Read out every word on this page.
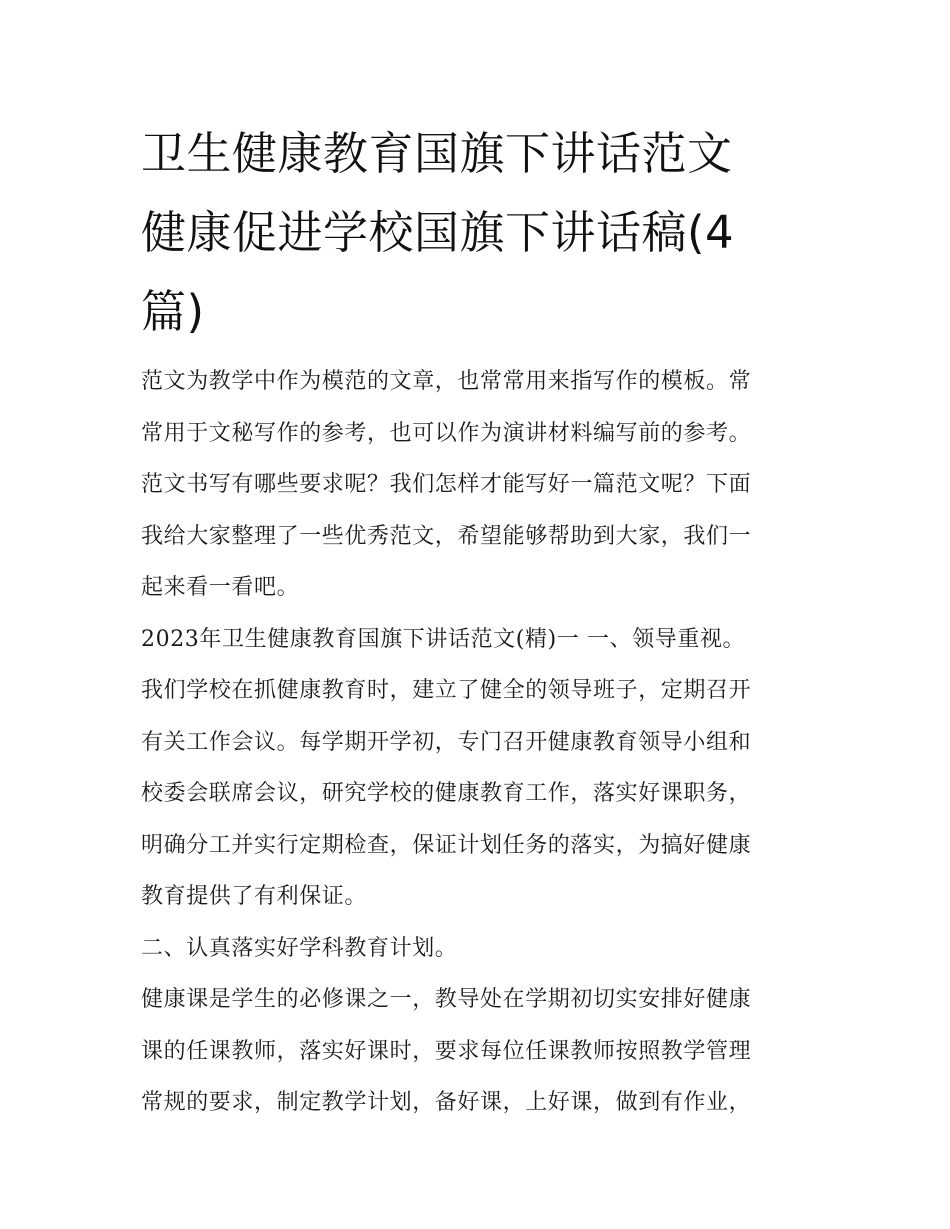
卫生健康教育国旗下讲话范文
健康促进学校国旗下讲话稿(4
篇)

范文为教学中作为模范的文章，也常常用来指写作的模板。常
常用于文秘写作的参考，也可以作为演讲材料编写前的参考。
范文书写有哪些要求呢？我们怎样才能写好一篇范文呢？下面
我给大家整理了一些优秀范文，希望能够帮助到大家，我们一
起来看一看吧。

2023年卫生健康教育国旗下讲话范文(精)一 一、领导重视。

我们学校在抓健康教育时，建立了健全的领导班子，定期召开
有关工作会议。每学期开学初，专门召开健康教育领导小组和
校委会联席会议，研究学校的健康教育工作，落实好课职务，
明确分工并实行定期检查，保证计划任务的落实，为搞好健康
教育提供了有利保证。

二、认真落实好学科教育计划。

健康课是学生的必修课之一，教导处在学期初切实安排好健康
课的任课教师，落实好课时，要求每位任课教师按照教学管理
常规的要求，制定教学计划，备好课，上好课，做到有作业，
